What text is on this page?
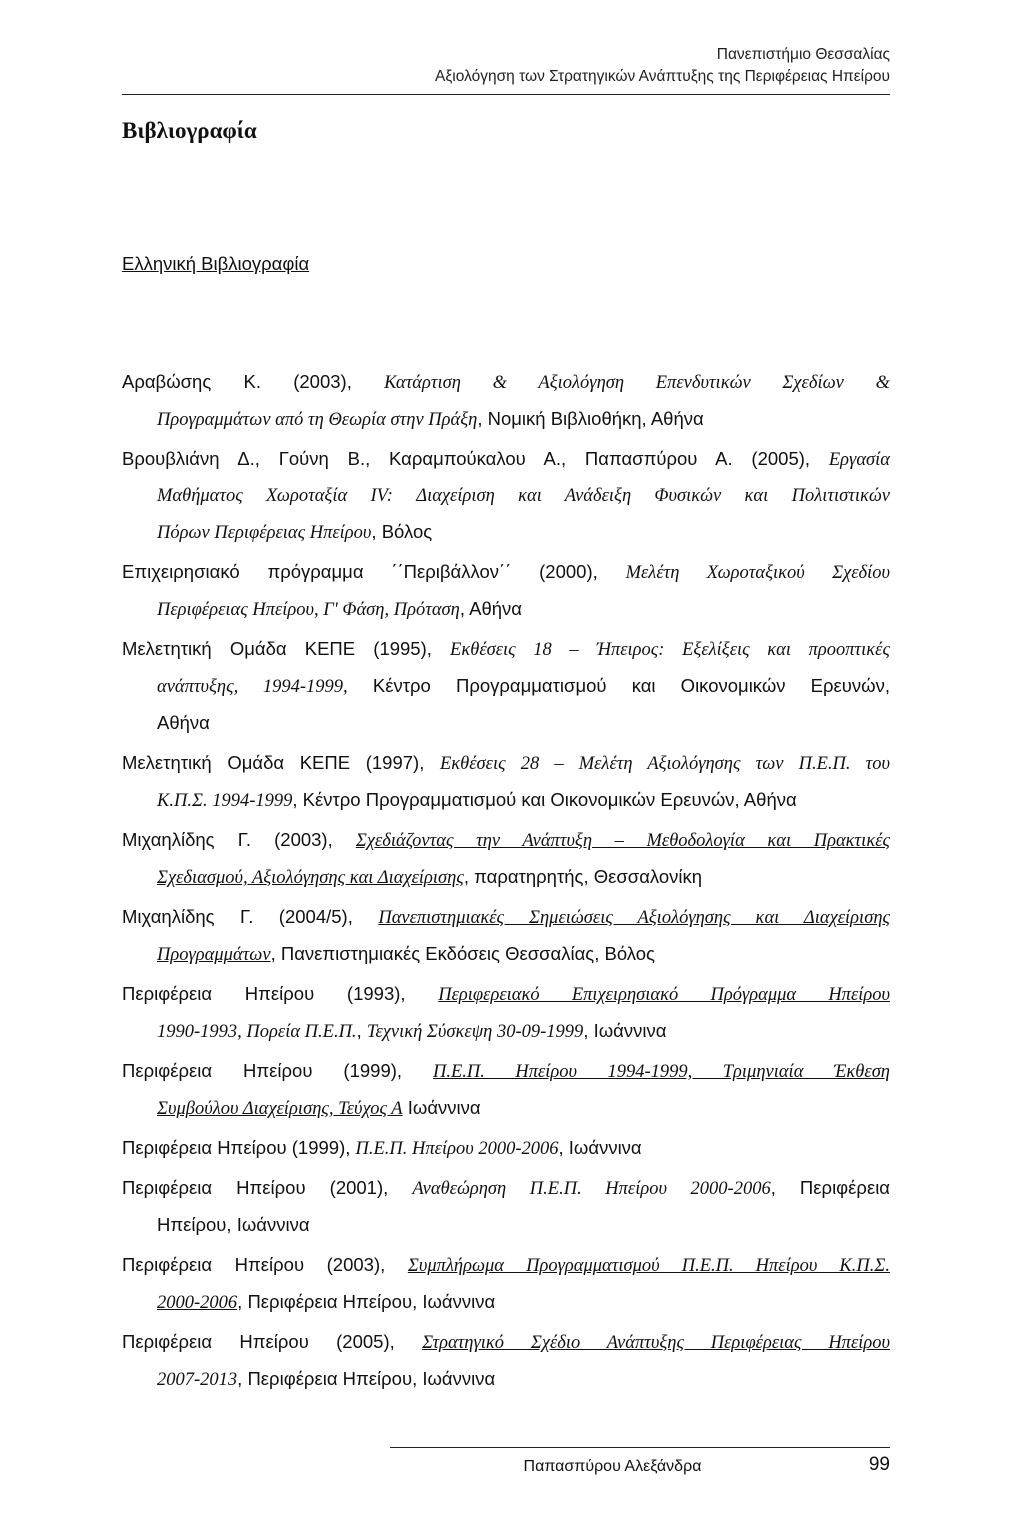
Πανεπιστήμιο Θεσσαλίας
Αξιολόγηση των Στρατηγικών Ανάπτυξης της Περιφέρειας Ηπείρου
Βιβλιογραφία
Ελληνική Βιβλιογραφία
Αραβώσης Κ. (2003), Κατάρτιση & Αξιολόγηση Επενδυτικών Σχεδίων &
Προγραμμάτων από τη Θεωρία στην Πράξη, Νομική Βιβλιοθήκη, Αθήνα
Βρουβλιάνη Δ., Γούνη Β., Καραμπούκαλου Α., Παπασπύρου Α. (2005), Εργασία
Μαθήματος Χωροταξία IV: Διαχείριση και Ανάδειξη Φυσικών και Πολιτιστικών
Πόρων Περιφέρειας Ηπείρου, Βόλος
Επιχειρησιακό πρόγραμμα ΄΄Περιβάλλον΄΄ (2000), Μελέτη Χωροταξικού Σχεδίου
Περιφέρειας Ηπείρου, Γ' Φάση, Πρόταση, Αθήνα
Μελετητική Ομάδα ΚΕΠΕ (1995), Εκθέσεις 18 – Ήπειρος: Εξελίξεις και προοπτικές
ανάπτυξης, 1994-1999, Κέντρο Προγραμματισμού και Οικονομικών Ερευνών,
Αθήνα
Μελετητική Ομάδα ΚΕΠΕ (1997), Εκθέσεις 28 – Μελέτη Αξιολόγησης των Π.Ε.Π. του
Κ.Π.Σ. 1994-1999, Κέντρο Προγραμματισμού και Οικονομικών Ερευνών, Αθήνα
Μιχαηλίδης Γ. (2003), Σχεδιάζοντας την Ανάπτυξη – Μεθοδολογία και Πρακτικές
Σχεδιασμού, Αξιολόγησης και Διαχείρισης, παρατηρητής, Θεσσαλονίκη
Μιχαηλίδης Γ. (2004/5), Πανεπιστημιακές Σημειώσεις Αξιολόγησης και Διαχείρισης
Προγραμμάτων, Πανεπιστημιακές Εκδόσεις Θεσσαλίας, Βόλος
Περιφέρεια Ηπείρου (1993), Περιφερειακό Επιχειρησιακό Πρόγραμμα Ηπείρου
1990-1993, Πορεία Π.Ε.Π., Τεχνική Σύσκεψη 30-09-1999, Ιωάννινα
Περιφέρεια Ηπείρου (1999), Π.Ε.Π. Ηπείρου 1994-1999, Τριμηνιαία Έκθεση
Συμβούλου Διαχείρισης, Τεύχος Α Ιωάννινα
Περιφέρεια Ηπείρου (1999), Π.Ε.Π. Ηπείρου 2000-2006, Ιωάννινα
Περιφέρεια Ηπείρου (2001), Αναθεώρηση Π.Ε.Π. Ηπείρου 2000-2006, Περιφέρεια
Ηπείρου, Ιωάννινα
Περιφέρεια Ηπείρου (2003), Συμπλήρωμα Προγραμματισμού Π.Ε.Π. Ηπείρου Κ.Π.Σ.
2000-2006, Περιφέρεια Ηπείρου, Ιωάννινα
Περιφέρεια Ηπείρου (2005), Στρατηγικό Σχέδιο Ανάπτυξης Περιφέρειας Ηπείρου
2007-2013, Περιφέρεια Ηπείρου, Ιωάννινα
Παπασπύρου Αλεξάνδρα	99
